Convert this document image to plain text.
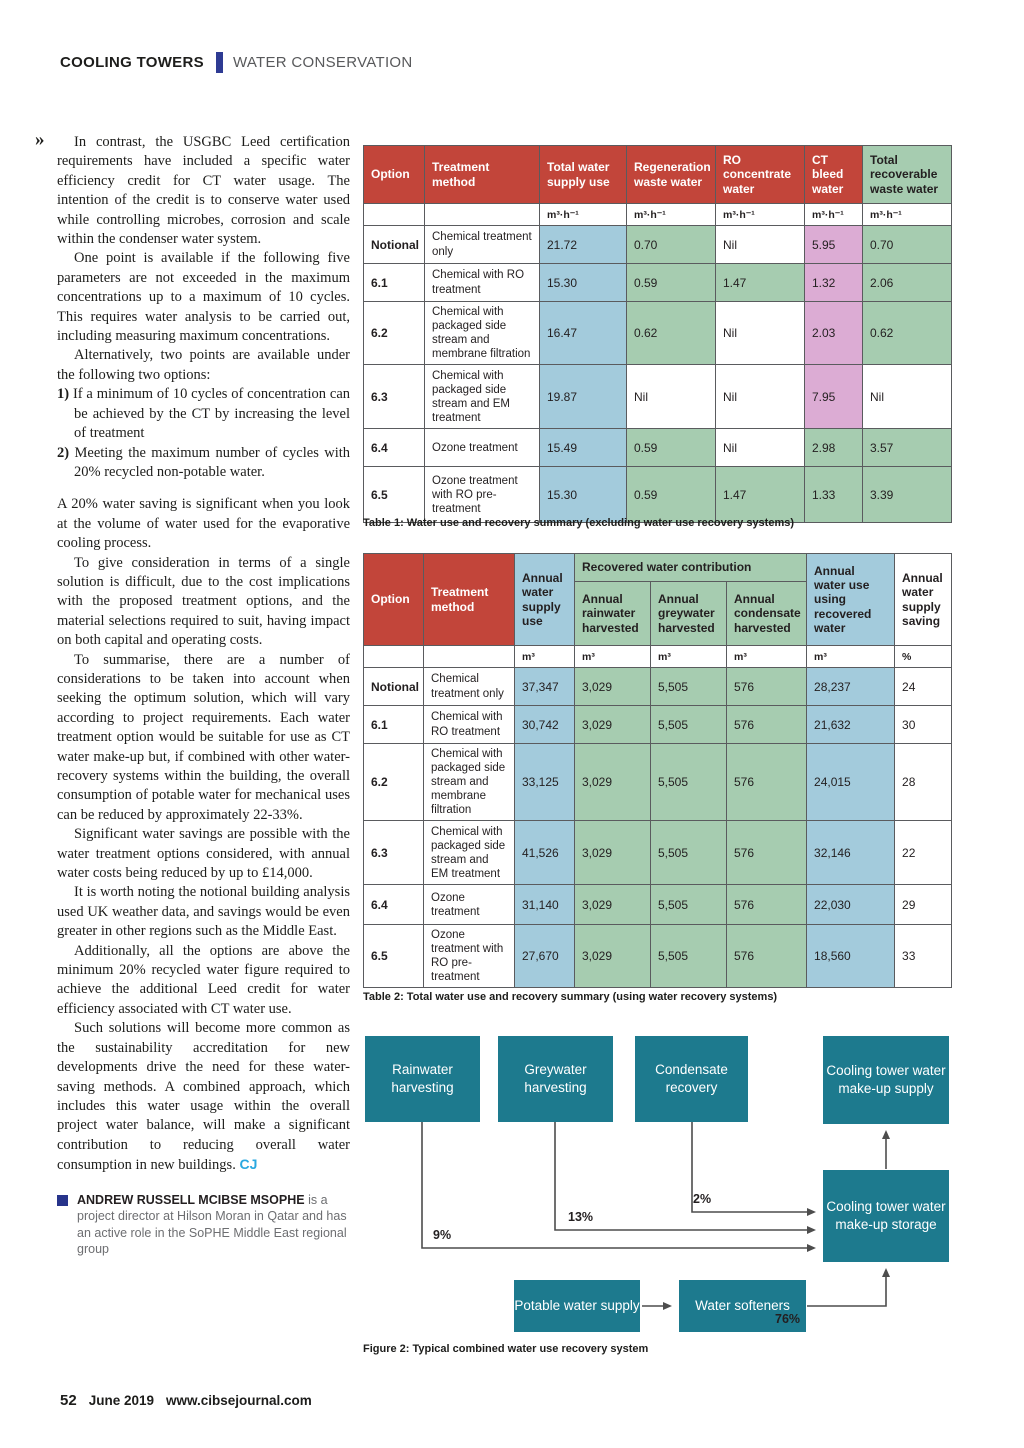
COOLING TOWERS WATER CONSERVATION
»	In contrast, the USGBC Leed certification requirements have included a specific water efficiency credit for CT water usage. The intention of the credit is to conserve water used while controlling microbes, corrosion and scale within the condenser water system.

One point is available if the following five parameters are not exceeded in the maximum concentrations up to a maximum of 10 cycles. This requires water analysis to be carried out, including measuring maximum concentrations.

Alternatively, two points are available under the following two options:

1) If a minimum of 10 cycles of concentration can be achieved by the CT by increasing the level of treatment

2) Meeting the maximum number of cycles with 20% recycled non-potable water.

A 20% water saving is significant when you look at the volume of water used for the evaporative cooling process.

To give consideration in terms of a single solution is difficult, due to the cost implications with the proposed treatment options, and the material selections required to suit, having impact on both capital and operating costs.

To summarise, there are a number of considerations to be taken into account when seeking the optimum solution, which will vary according to project requirements. Each water treatment option would be suitable for use as CT water make-up but, if combined with other water-recovery systems within the building, the overall consumption of potable water for mechanical uses can be reduced by approximately 22-33%.

Significant water savings are possible with the water treatment options considered, with annual water costs being reduced by up to £14,000.

It is worth noting the notional building analysis used UK weather data, and savings would be even greater in other regions such as the Middle East.

Additionally, all the options are above the minimum 20% recycled water figure required to achieve the additional Leed credit for water efficiency associated with CT water use.

Such solutions will become more common as the sustainability accreditation for new developments drive the need for these water-saving methods. A combined approach, which includes this water usage within the overall project water balance, will make a significant contribution to reducing overall water consumption in new buildings. CJ

ANDREW RUSSELL MCIBSE MSOPHE is a project director at Hilson Moran in Qatar and has an active role in the SoPHE Middle East regional group
Option	Treatment method	Total water supply use	Regeneration waste water	RO concentrate water	CT bleed water	Total recoverable waste water
		m³·h⁻¹	m³·h⁻¹	m³·h⁻¹	m³·h⁻¹	m³·h⁻¹
Notional	Chemical treatment only	21.72	0.70	Nil	5.95	0.70
6.1	Chemical with RO treatment	15.30	0.59	1.47	1.32	2.06
6.2	Chemical with packaged side stream and membrane filtration	16.47	0.62	Nil	2.03	0.62
6.3	Chemical with packaged side stream and EM treatment	19.87	Nil	Nil	7.95	Nil
6.4	Ozone treatment	15.49	0.59	Nil	2.98	3.57
6.5	Ozone treatment with RO pre-treatment	15.30	0.59	1.47	1.33	3.39
Table 1: Water use and recovery summary (excluding water use recovery systems)
Option	Treatment method	Annual water supply use	Recovered water contribution			Annual water use using recovered water	Annual water supply saving
			Annual rainwater harvested	Annual greywater harvested	Annual condensate harvested		
		m³	m³	m³	m³	m³	%
Notional	Chemical treatment only	37,347	3,029	5,505	576	28,237	24
6.1	Chemical with RO treatment	30,742	3,029	5,505	576	21,632	30
6.2	Chemical with packaged side stream and membrane filtration	33,125	3,029	5,505	576	24,015	28
6.3	Chemical with packaged side stream and EM treatment	41,526	3,029	5,505	576	32,146	22
6.4	Ozone treatment	31,140	3,029	5,505	576	22,030	29
6.5	Ozone treatment with RO pre-treatment	27,670	3,029	5,505	576	18,560	33
Table 2: Total water use and recovery summary (using water recovery systems)
Rainwater harvesting
Greywater harvesting
Condensate recovery
Cooling tower water make-up supply
Cooling tower water make-up storage
Potable water supply	Water softeners
2%
13%
9%
76%
Figure 2: Typical combined water use recovery system
52 June 2019 www.cibsejournal.com
